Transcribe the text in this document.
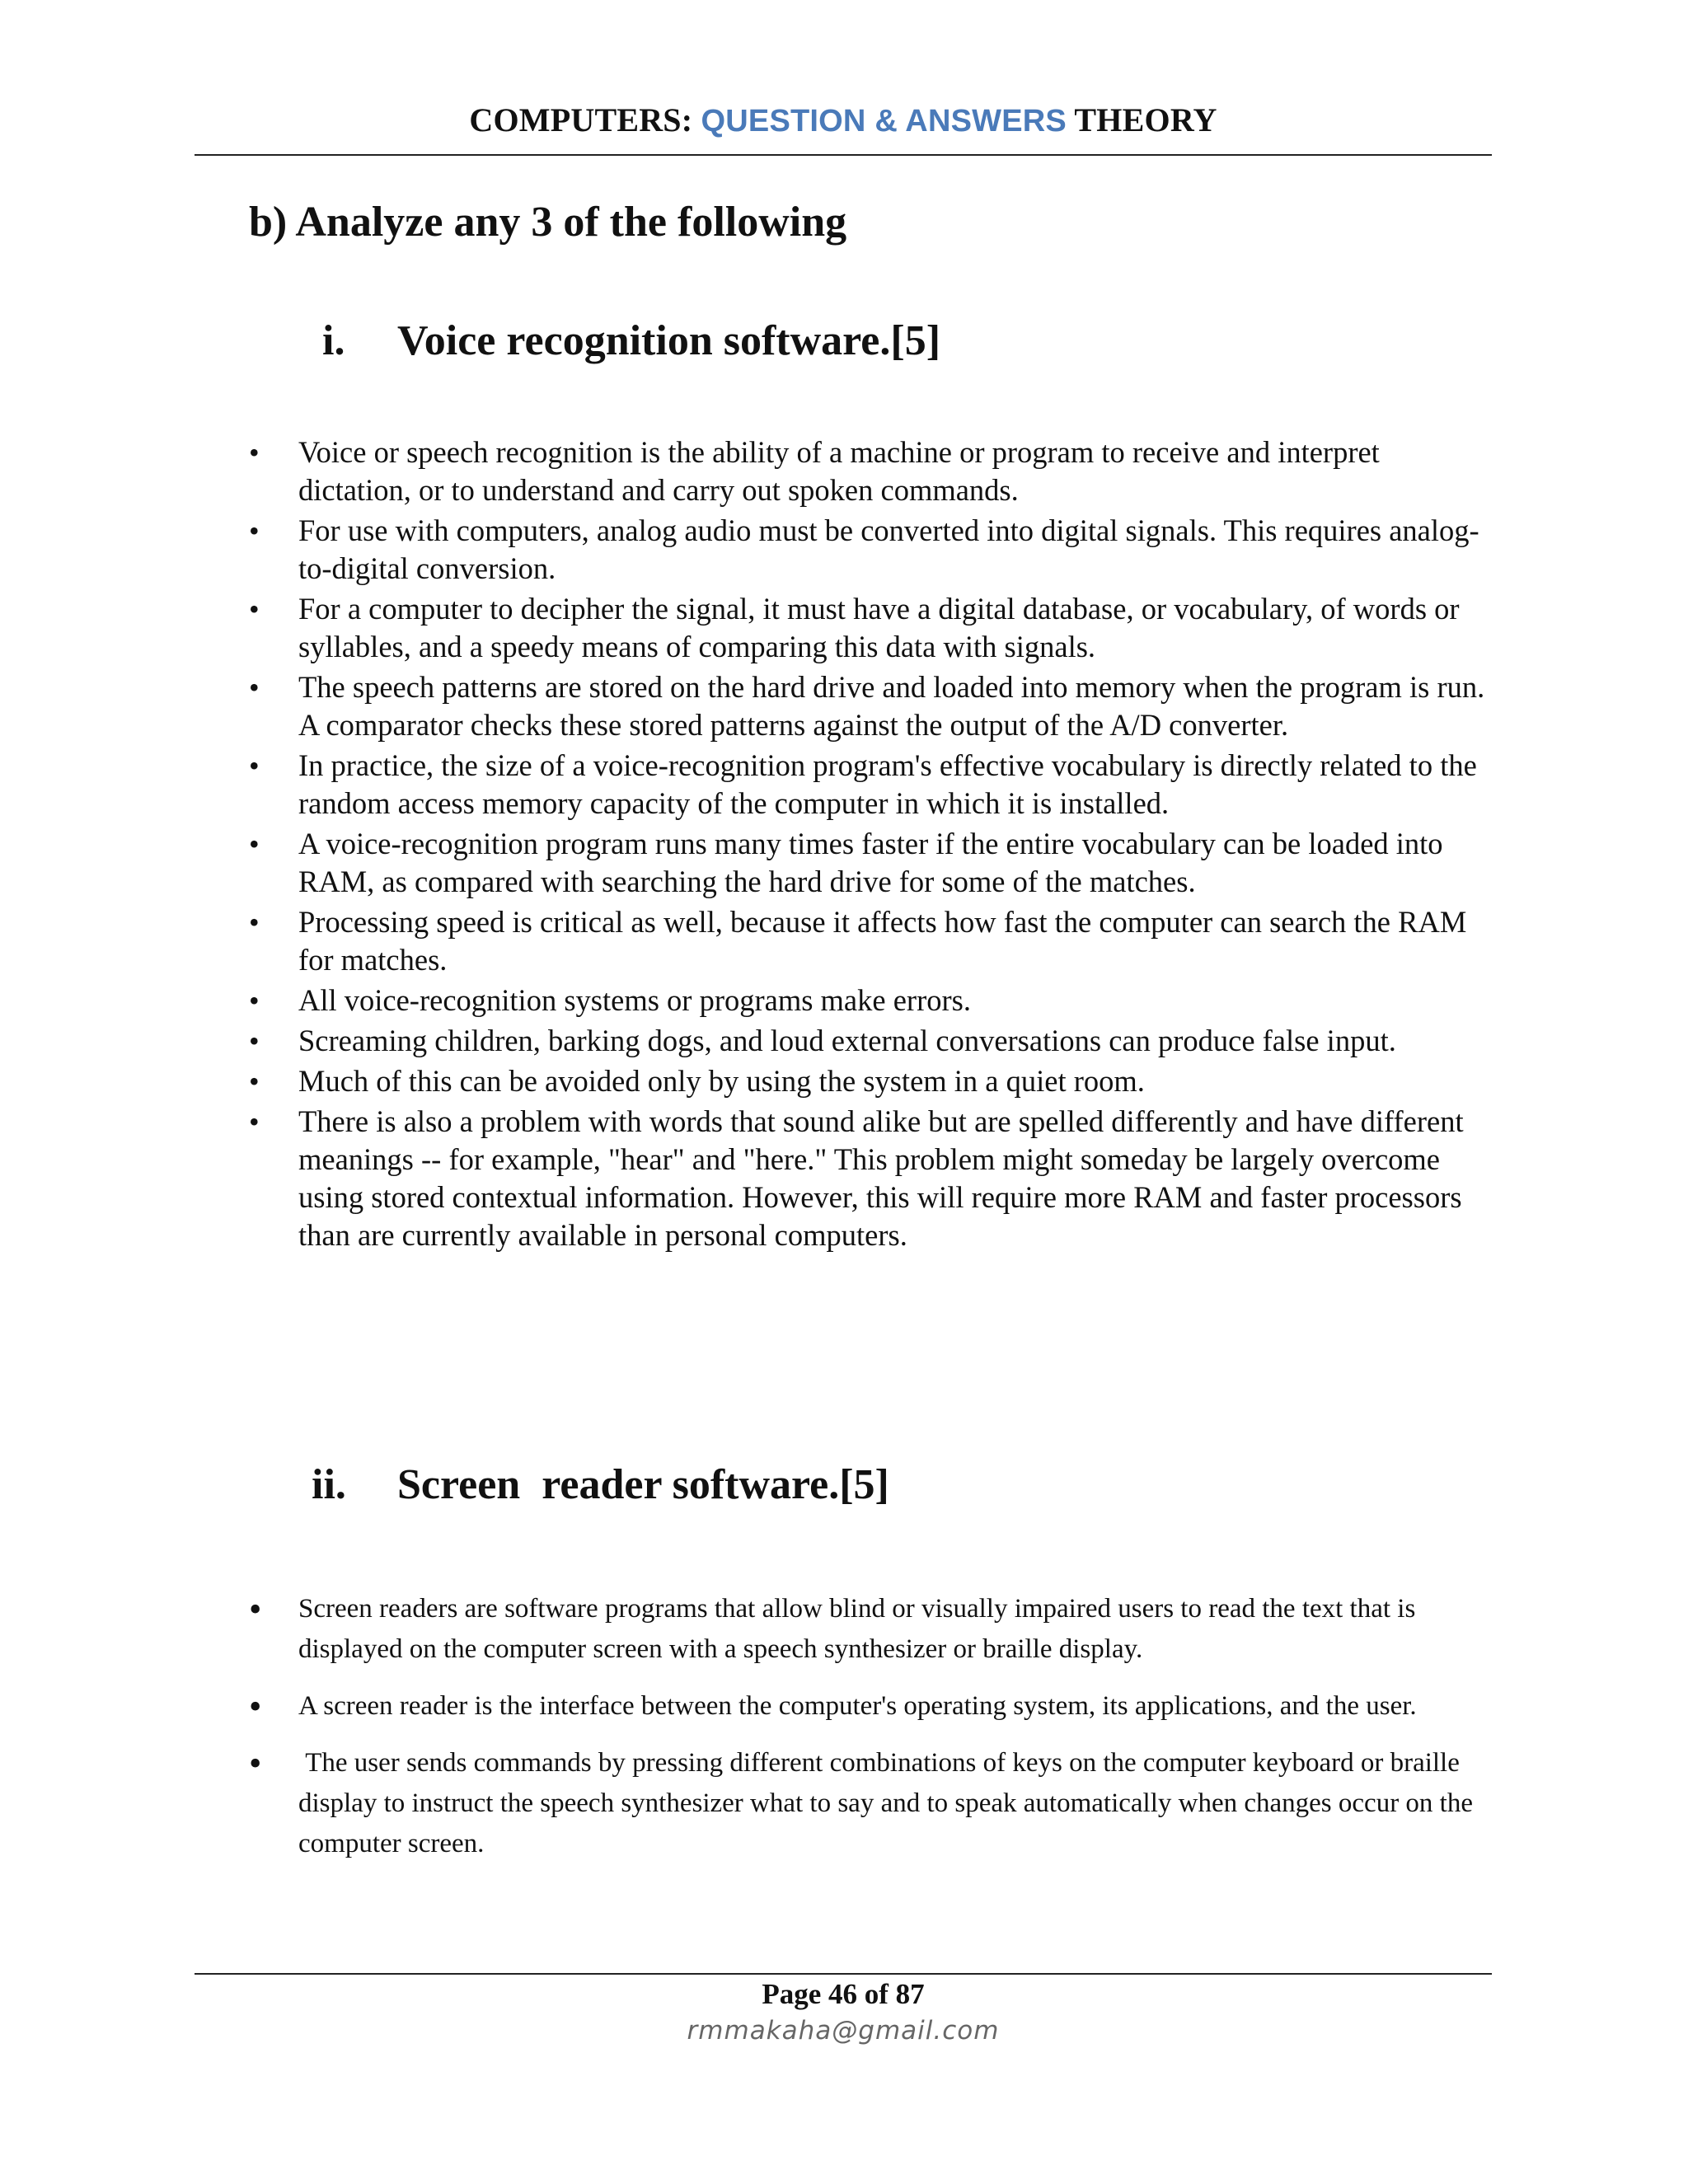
COMPUTERS: QUESTION & ANSWERS THEORY
b) Analyze any 3 of the following
i. Voice recognition software.[5]
• Voice or speech recognition is the ability of a machine or program to receive and interpret dictation, or to understand and carry out spoken commands.
• For use with computers, analog audio must be converted into digital signals. This requires analog-to-digital conversion.
• For a computer to decipher the signal, it must have a digital database, or vocabulary, of words or syllables, and a speedy means of comparing this data with signals.
• The speech patterns are stored on the hard drive and loaded into memory when the program is run. A comparator checks these stored patterns against the output of the A/D converter.
• In practice, the size of a voice-recognition program's effective vocabulary is directly related to the random access memory capacity of the computer in which it is installed.
• A voice-recognition program runs many times faster if the entire vocabulary can be loaded into RAM, as compared with searching the hard drive for some of the matches.
• Processing speed is critical as well, because it affects how fast the computer can search the RAM for matches.
• All voice-recognition systems or programs make errors.
• Screaming children, barking dogs, and loud external conversations can produce false input.
• Much of this can be avoided only by using the system in a quiet room.
• There is also a problem with words that sound alike but are spelled differently and have different meanings -- for example, "hear" and "here." This problem might someday be largely overcome using stored contextual information. However, this will require more RAM and faster processors than are currently available in personal computers.
ii. Screen  reader software.[5]
• Screen readers are software programs that allow blind or visually impaired users to read the text that is displayed on the computer screen with a speech synthesizer or braille display.
• A screen reader is the interface between the computer's operating system, its applications, and the user.
• The user sends commands by pressing different combinations of keys on the computer keyboard or braille display to instruct the speech synthesizer what to say and to speak automatically when changes occur on the computer screen.
Page 46 of 87
rmmakaha@gmail.com
